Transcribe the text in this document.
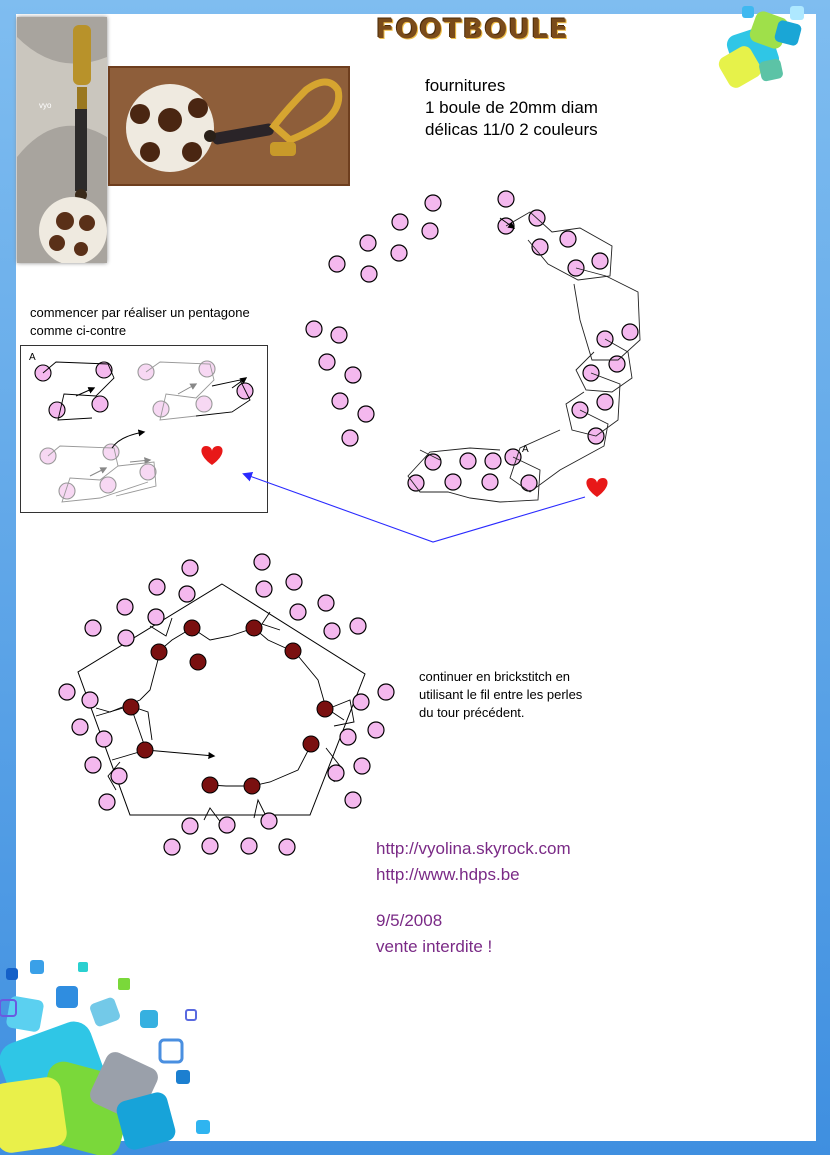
vyo
FOOTBOULE
fournitures
1 boule de 20mm diam
délicas 11/0 2 couleurs
commencer par réaliser un pentagone
comme ci-contre
continuer en brickstitch en
utilisant le fil entre les perles
du tour précédent.
A
A
http://vyolina.skyrock.com
http://www.hdps.be
9/5/2008
vente interdite !
